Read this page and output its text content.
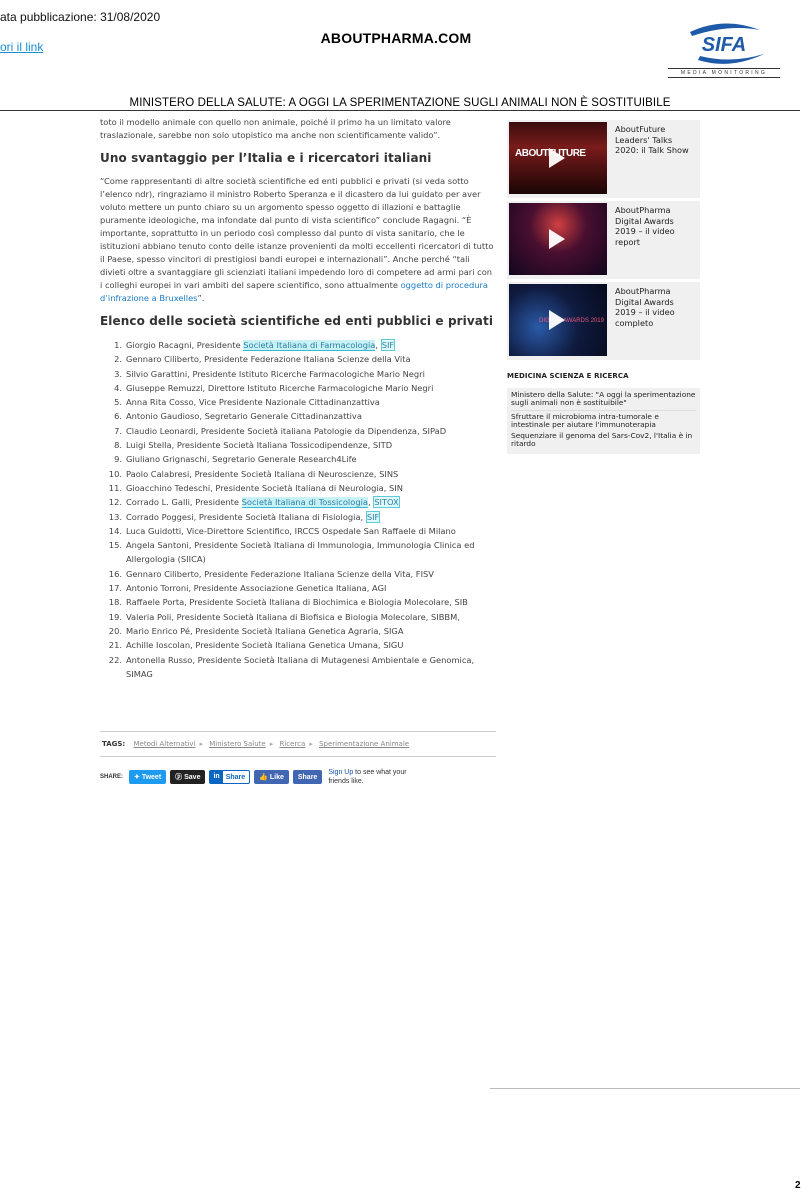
ata pubblicazione: 31/08/2020
ori il link
ABOUTPHARMA.COM	SIFA
MEDIA MONITORING
MINISTERO DELLA SALUTE: A OGGI LA SPERIMENTAZIONE SUGLI ANIMALI NON È SOSTITUIBILE

toto il modello animale con quello non animale, poiché il primo ha un limitato valore traslazionale, sarebbe non solo utopistico ma anche non scientificamente valido”.

Uno svantaggio per l’Italia e i ricercatori italiani

“Come rappresentanti di altre società scientifiche ed enti pubblici e privati (si veda sotto l’elenco ndr), ringraziamo il ministro Roberto Speranza e il dicastero da lui guidato per aver voluto mettere un punto chiaro su un argomento spesso oggetto di illazioni e battaglie puramente ideologiche, ma infondate dal punto di vista scientifico” conclude Ragagni. “È importante, soprattutto in un periodo così complesso dal punto di vista sanitario, che le istituzioni abbiano tenuto conto delle istanze provenienti da molti eccellenti ricercatori di tutto il Paese, spesso vincitori di prestigiosi bandi europei e internazionali”. Anche perché “tali divieti oltre a svantaggiare gli scienziati italiani impedendo loro di competere ad armi pari con i colleghi europei in vari ambiti del sapere scientifico, sono attualmente oggetto di procedura d’infrazione a Bruxelles”.

Elenco delle società scientifiche ed enti pubblici e privati
1. Giorgio Racagni, Presidente Società Italiana di Farmacologia, SIF
2. Gennaro Ciliberto, Presidente Federazione Italiana Scienze della Vita
3. Silvio Garattini, Presidente Istituto Ricerche Farmacologiche Mario Negri
4. Giuseppe Remuzzi, Direttore Istituto Ricerche Farmacologiche Mario Negri
5. Anna Rita Cosso, Vice Presidente Nazionale Cittadinanzattiva
6. Antonio Gaudioso, Segretario Generale Cittadinanzattiva
7. Claudio Leonardi, Presidente Società italiana Patologie da Dipendenza, SIPaD
8. Luigi Stella, Presidente Società Italiana Tossicodipendenze, SITD
9. Giuliano Grignaschi, Segretario Generale Research4Life
10. Paolo Calabresi, Presidente Società Italiana di Neuroscienze, SINS
11. Gioacchino Tedeschi, Presidente Società Italiana di Neurologia, SIN
12. Corrado L. Galli, Presidente Società Italiana di Tossicologia, SITOX
13. Corrado Poggesi, Presidente Società Italiana di Fisiologia, SIF
14. Luca Guidotti, Vice-Direttore Scientifico, IRCCS Ospedale San Raffaele di Milano
15. Angela Santoni, Presidente Società Italiana di Immunologia, Immunologia Clinica ed Allergologia (SIICA)
16. Gennaro Ciliberto, Presidente Federazione Italiana Scienze della Vita, FISV
17. Antonio Torroni, Presidente Associazione Genetica Italiana, AGI
18. Raffaele Porta, Presidente Società Italiana di Biochimica e Biologia Molecolare, SIB
19. Valeria Poli, Presidente Società Italiana di Biofisica e Biologia Molecolare, SIBBM,
20. Mario Enrico Pé, Presidente Società Italiana Genetica Agraria, SIGA
21. Achille Ioscolan, Presidente Società Italiana Genetica Umana, SIGU
22. Antonella Russo, Presidente Società Italiana di Mutagenesi Ambientale e Genomica, SIMAG
TAGS: Metodi Alternativi ▸ Ministero Salute ▸ Ricerca ▸ Sperimentazione Animale
SHARE: ✦ Tweet ⓟ Save	in Share 👍 Like Share
Sign Up to see what your friends like.
ABOUTFUTURE
AboutFuture Leaders' Talks 2020: il Talk Show
AboutPharma Digital Awards 2019 – il video report
DIGITAL AWARDS 2019
AboutPharma Digital Awards 2019 – il video completo
MEDICINA SCIENZA E RICERCA
Ministero della Salute: "A oggi la sperimentazione sugli animali non è sostituibile"
Sfruttare il microbioma intra-tumorale e intestinale per aiutare l'immunoterapia
Sequenziare il genoma del Sars-Cov2, l'Italia è in ritardo
2
